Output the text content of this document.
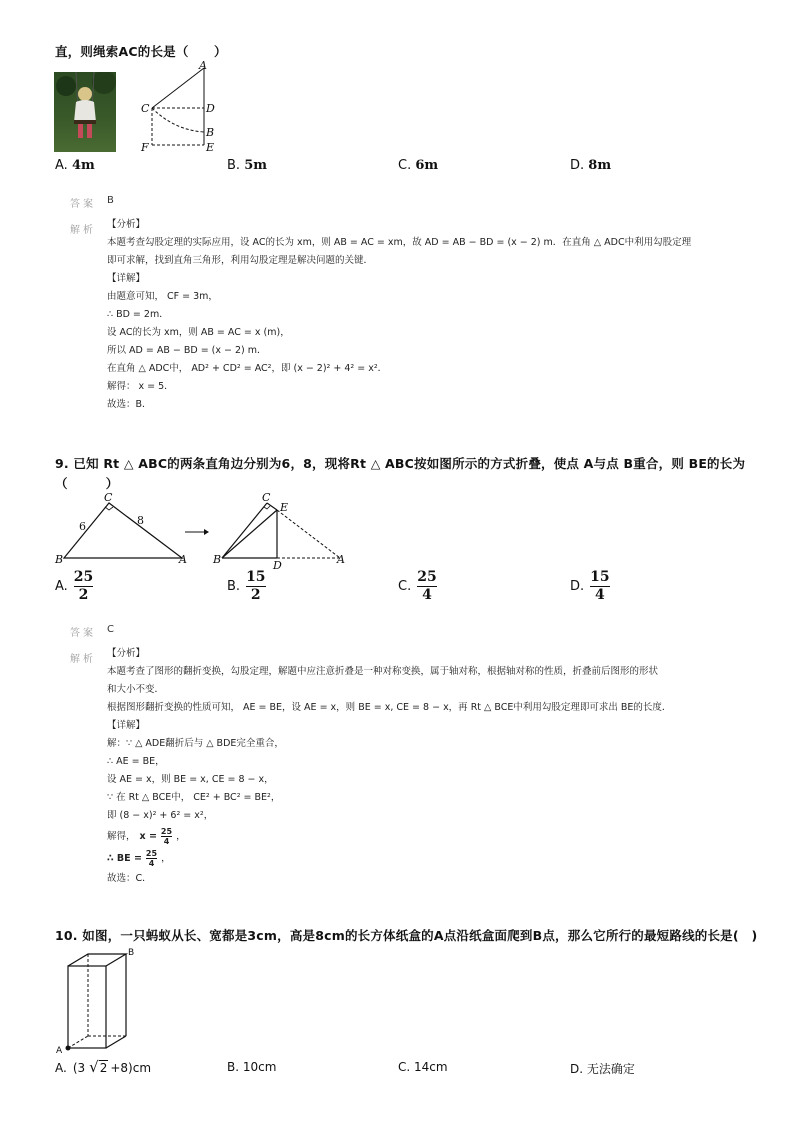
直，则绳索AC的长是（　　）
A
C	D
B
F	E
A. 4m	B. 5m	C. 6m	D. 8m
答案 B
解析
【分析】
本题考查勾股定理的实际应用，设 AC的长为 xm，则 AB = AC = xm，故 AD = AB − BD = (x − 2) m．在直角 △ ADC中利用勾股定理
即可求解，找到直角三角形，利用勾股定理是解决问题的关键．
【详解】
由题意可知， CF = 3m，
∴ BD = 2m．
设 AC的长为 xm，则 AB = AC = x (m)，
所以 AD = AB − BD = (x − 2) m．
在直角 △ ADC中， AD² + CD² = AC²，即 (x − 2)² + 4² = x²．
解得： x = 5．
故选：B．
9. 已知 Rt △ ABC的两条直角边分别为6，8，现将Rt △ ABC按如图所示的方式折叠，使点 A与点 B重合，则 BE的长为
（　　　）
C
B	A
6	8
C
E
B	D	A
A. $\frac{25}{2}$	B. $\frac{15}{2}$	C. $\frac{25}{4}$	D. $\frac{15}{4}$
答案 C
解析
【分析】
本题考查了图形的翻折变换，勾股定理，解题中应注意折叠是一种对称变换，属于轴对称，根据轴对称的性质，折叠前后图形的形状
和大小不变．
根据图形翻折变换的性质可知， AE = BE，设 AE = x，则 BE = x, CE = 8 − x，再 Rt △ BCE中利用勾股定理即可求出 BE的长度．
【详解】
解：∵ △ ADE翻折后与 △ BDE完全重合，
∴ AE = BE，
设 AE = x，则 BE = x, CE = 8 − x，
∵ 在 Rt △ BCE中， CE² + BC² = BE²，
即 (8 − x)² + 6² = x²，
解得， x = 25
4 ，
∴ BE = 25
4 ，
故选：C．
10. 如图，一只蚂蚁从长、宽都是3cm，高是8cm的长方体纸盒的A点沿纸盒面爬到B点，那么它所行的最短路线的长是(　)
A
B
A. (3 √ 2 +8)cm	B. 10cm	C. 14cm	D. 无法确定
